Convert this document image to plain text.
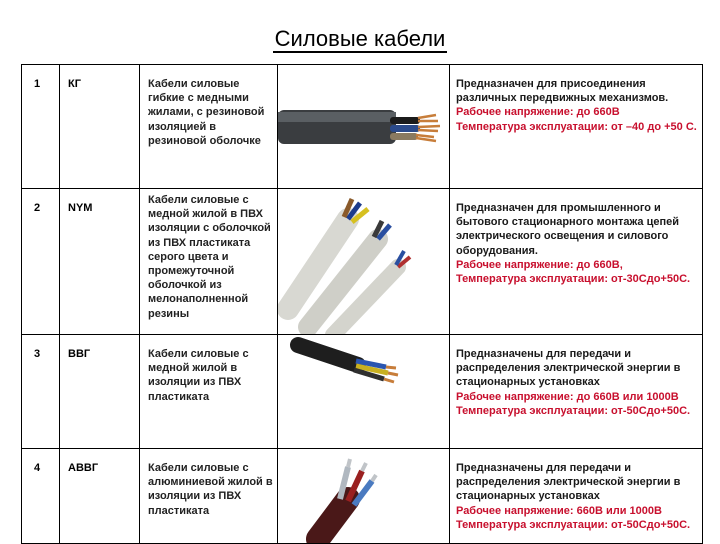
Силовые кабели
1	КГ	Кабели силовые гибкие с медными жилами, с резиновой изоляцией в резиновой оболочке		Предназначен для присоединения различных передвижных механизмов.
Рабочее напряжение: до 660В
Температура эксплуатации: от –40 до +50 С.

2	NYM	Кабели силовые с медной жилой в ПВХ изоляции с оболочкой из ПВХ пластиката серого цвета и промежуточной оболочкой из мелонаполненной резины		Предназначен для промышленного и бытового стационарного монтажа цепей электрического освещения и силового оборудования.
Рабочее напряжение: до 660В,
Температура эксплуатации: от-30Сдо+50С.

3	ВВГ	Кабели силовые с медной жилой в изоляции из ПВХ пластиката		Предназначены для передачи и распределения электрической энергии в стационарных установках
Рабочее напряжение: до 660В или 1000В
Температура эксплуатации: от-50Сдо+50С.

4	АВВГ	Кабели силовые с алюминиевой жилой в изоляции из ПВХ пластиката		Предназначены для передачи и распределения электрической энергии в стационарных установках
Рабочее напряжение: 660В или 1000В
Температура эксплуатации: от-50Сдо+50С.
